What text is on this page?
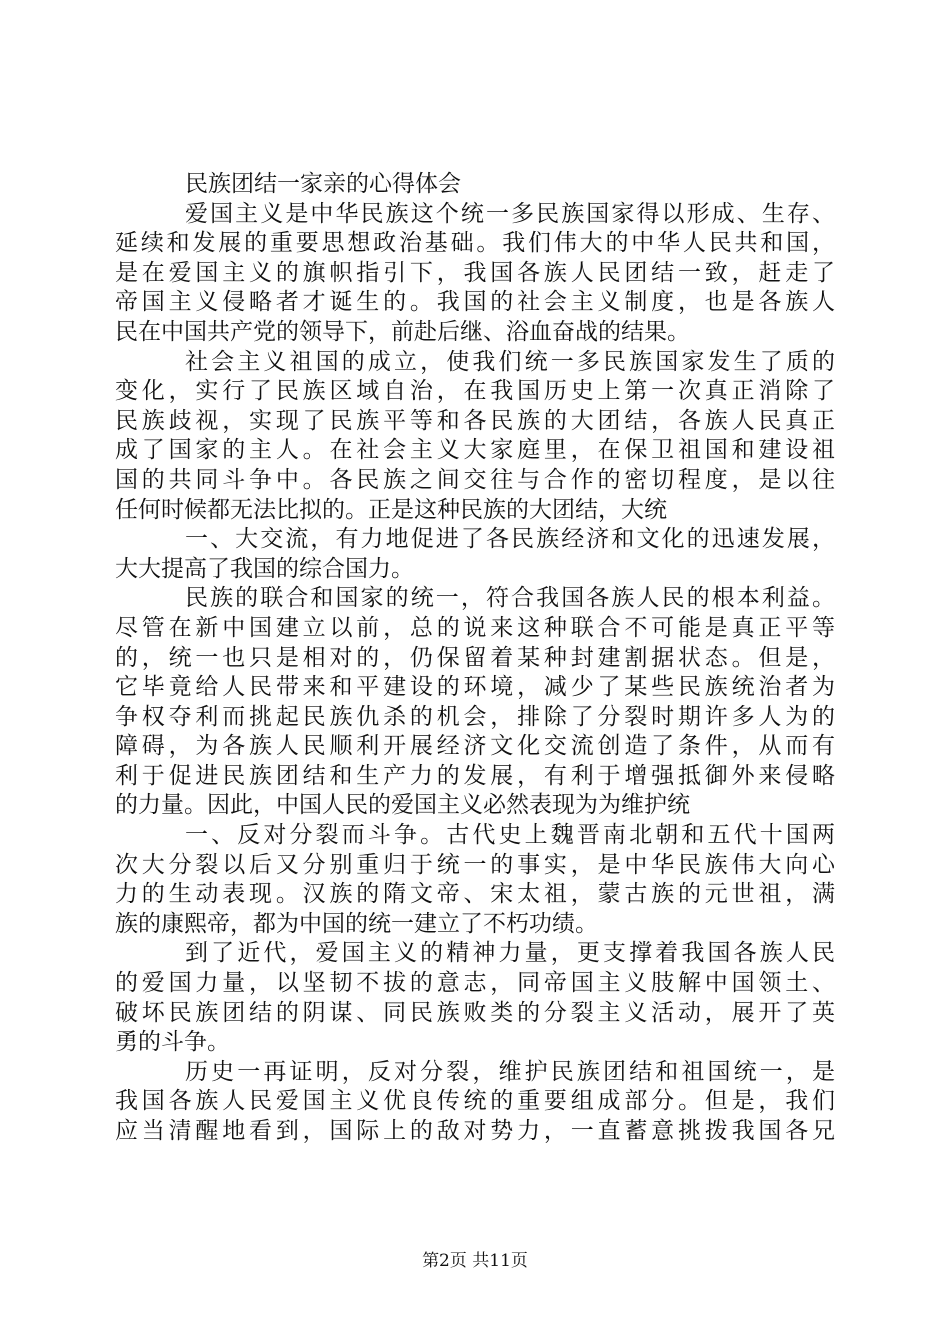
民族团结一家亲的心得体会
爱国主义是中华民族这个统一多民族国家得以形成、生存、
延续和发展的重要思想政治基础。我们伟大的中华人民共和国，
是在爱国主义的旗帜指引下，我国各族人民团结一致，赶走了
帝国主义侵略者才诞生的。我国的社会主义制度，也是各族人
民在中国共产党的领导下，前赴后继、浴血奋战的结果。
社会主义祖国的成立，使我们统一多民族国家发生了质的
变化，实行了民族区域自治，在我国历史上第一次真正消除了
民族歧视，实现了民族平等和各民族的大团结，各族人民真正
成了国家的主人。在社会主义大家庭里，在保卫祖国和建设祖
国的共同斗争中。各民族之间交往与合作的密切程度，是以往
任何时候都无法比拟的。正是这种民族的大团结，大统
一、大交流，有力地促进了各民族经济和文化的迅速发展，
大大提高了我国的综合国力。
民族的联合和国家的统一，符合我国各族人民的根本利益。
尽管在新中国建立以前，总的说来这种联合不可能是真正平等
的，统一也只是相对的，仍保留着某种封建割据状态。但是，
它毕竟给人民带来和平建设的环境，减少了某些民族统治者为
争权夺利而挑起民族仇杀的机会，排除了分裂时期许多人为的
障碍，为各族人民顺利开展经济文化交流创造了条件，从而有
利于促进民族团结和生产力的发展，有利于增强抵御外来侵略
的力量。因此，中国人民的爱国主义必然表现为为维护统
一、反对分裂而斗争。古代史上魏晋南北朝和五代十国两
次大分裂以后又分别重归于统一的事实，是中华民族伟大向心
力的生动表现。汉族的隋文帝、宋太祖，蒙古族的元世祖，满
族的康熙帝，都为中国的统一建立了不朽功绩。
到了近代，爱国主义的精神力量，更支撑着我国各族人民
的爱国力量，以坚韧不拔的意志，同帝国主义肢解中国领土、
破坏民族团结的阴谋、同民族败类的分裂主义活动，展开了英
勇的斗争。
历史一再证明，反对分裂，维护民族团结和祖国统一，是
我国各族人民爱国主义优良传统的重要组成部分。但是，我们
应当清醒地看到，国际上的敌对势力，一直蓄意挑拨我国各兄
第2页 共11页
